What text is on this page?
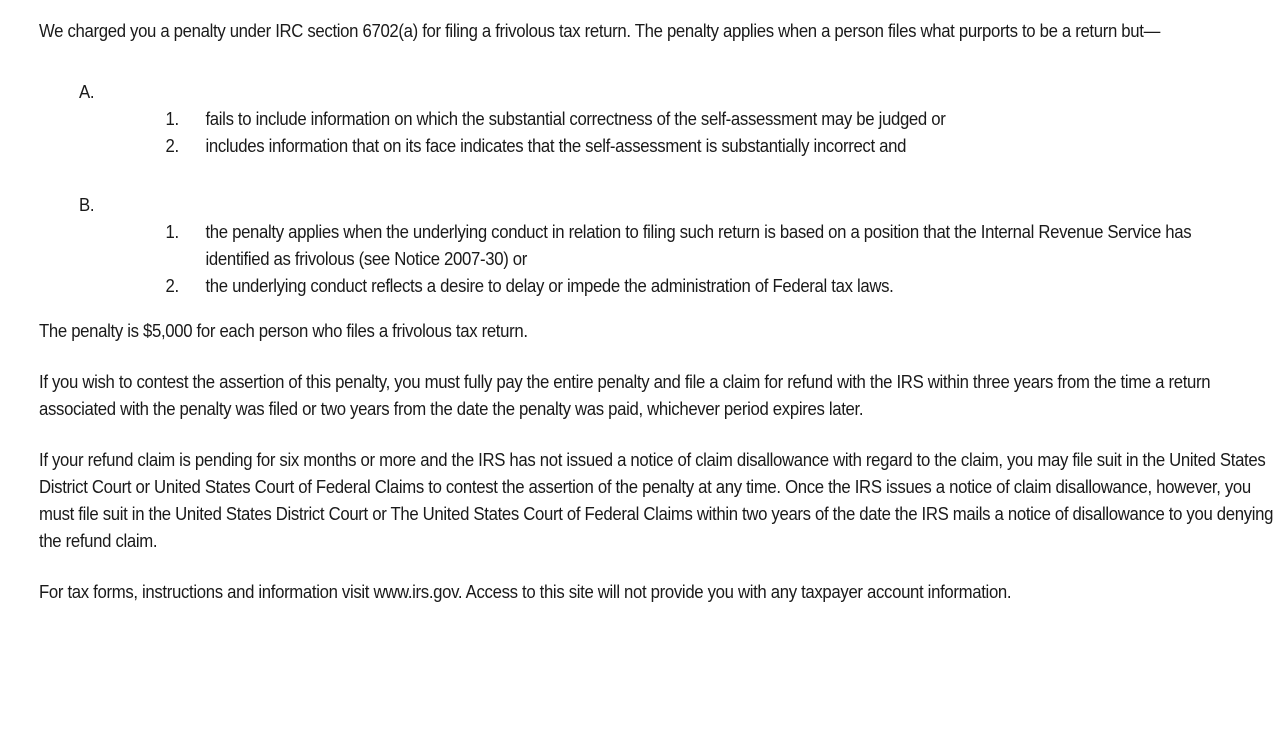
We charged you a penalty under IRC section 6702(a) for filing a frivolous tax return. The penalty applies when a person files what purports to be a return but—

A.
1. fails to include information on which the substantial correctness of the self-assessment may be judged or
2. includes information that on its face indicates that the self-assessment is substantially incorrect and
B.
1. the penalty applies when the underlying conduct in relation to filing such return is based on a position that the Internal Revenue Service has identified as frivolous (see Notice 2007-30) or
2. the underlying conduct reflects a desire to delay or impede the administration of Federal tax laws.

The penalty is $5,000 for each person who files a frivolous tax return.

If you wish to contest the assertion of this penalty, you must fully pay the entire penalty and file a claim for refund with the IRS within three years from the time a return associated with the penalty was filed or two years from the date the penalty was paid, whichever period expires later.

If your refund claim is pending for six months or more and the IRS has not issued a notice of claim disallowance with regard to the claim, you may file suit in the United States District Court or United States Court of Federal Claims to contest the assertion of the penalty at any time. Once the IRS issues a notice of claim disallowance, however, you must file suit in the United States District Court or The United States Court of Federal Claims within two years of the date the IRS mails a notice of disallowance to you denying the refund claim.

For tax forms, instructions and information visit www.irs.gov. Access to this site will not provide you with any taxpayer account information.
